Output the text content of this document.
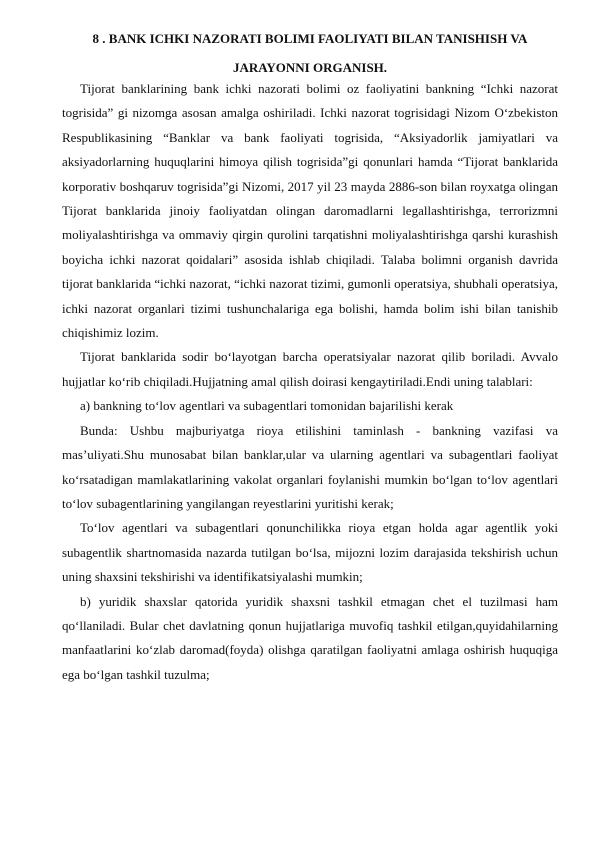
8 . BANK ICHKI NAZORATI BOLIMI FAOLIYATI BILAN TANISHISH VA JARAYONNI ORGANISH.

Tijorat banklarining bank ichki nazorati bolimi oz faoliyatini bankning “Ichki nazorat togrisida” gi nizomga asosan amalga oshiriladi. Ichki nazorat togrisidagi Nizom O‘zbekiston Respublikasining “Banklar va bank faoliyati togrisida, “Aksiyadorlik jamiyatlari va aksiyadorlarning huquqlarini himoya qilish togrisida”gi qonunlari hamda “Tijorat banklarida korporativ boshqaruv togrisida”gi Nizomi, 2017 yil 23 mayda 2886-son bilan royxatga olingan Tijorat banklarida jinoiy faoliyatdan olingan daromadlarni legallashtirishga, terrorizmni moliyalashtirishga va ommaviy qirgin qurolini tarqatishni moliyalashtirishga qarshi kurashish boyicha ichki nazorat qoidalari” asosida ishlab chiqiladi. Talaba bolimni organish davrida tijorat banklarida “ichki nazorat, “ichki nazorat tizimi, gumonli operatsiya, shubhali operatsiya, ichki nazorat organlari tizimi tushunchalariga ega bolishi, hamda bolim ishi bilan tanishib chiqishimiz lozim.

Tijorat banklarida sodir bo‘layotgan barcha operatsiyalar nazorat qilib boriladi. Avvalo hujjatlar ko‘rib chiqiladi.Hujjatning amal qilish doirasi kengaytiriladi.Endi uning talablari:

a) bankning to‘lov agentlari va subagentlari tomonidan bajarilishi kerak

Bunda: Ushbu majburiyatga rioya etilishini taminlash - bankning vazifasi va mas’uliyati.Shu munosabat bilan banklar,ular va ularning agentlari va subagentlari faoliyat ko‘rsatadigan mamlakatlarining vakolat organlari foylanishi mumkin bo‘lgan to‘lov agentlari to‘lov subagentlarining yangilangan reyestlarini yuritishi kerak;

To‘lov agentlari va subagentlari qonunchilikka rioya etgan holda agar agentlik yoki subagentlik shartnomasida nazarda tutilgan bo‘lsa, mijozni lozim darajasida tekshirish uchun uning shaxsini tekshirishi va identifikatsiyalashi mumkin;

b) yuridik shaxslar qatorida yuridik shaxsni tashkil etmagan chet el tuzilmasi ham qo‘llaniladi. Bular chet davlatning qonun hujjatlariga muvofiq tashkil etilgan,quyidahilarning manfaatlarini ko‘zlab daromad(foyda) olishga qaratilgan faoliyatni amlaga oshirish huquqiga ega bo‘lgan tashkil tuzulma;
